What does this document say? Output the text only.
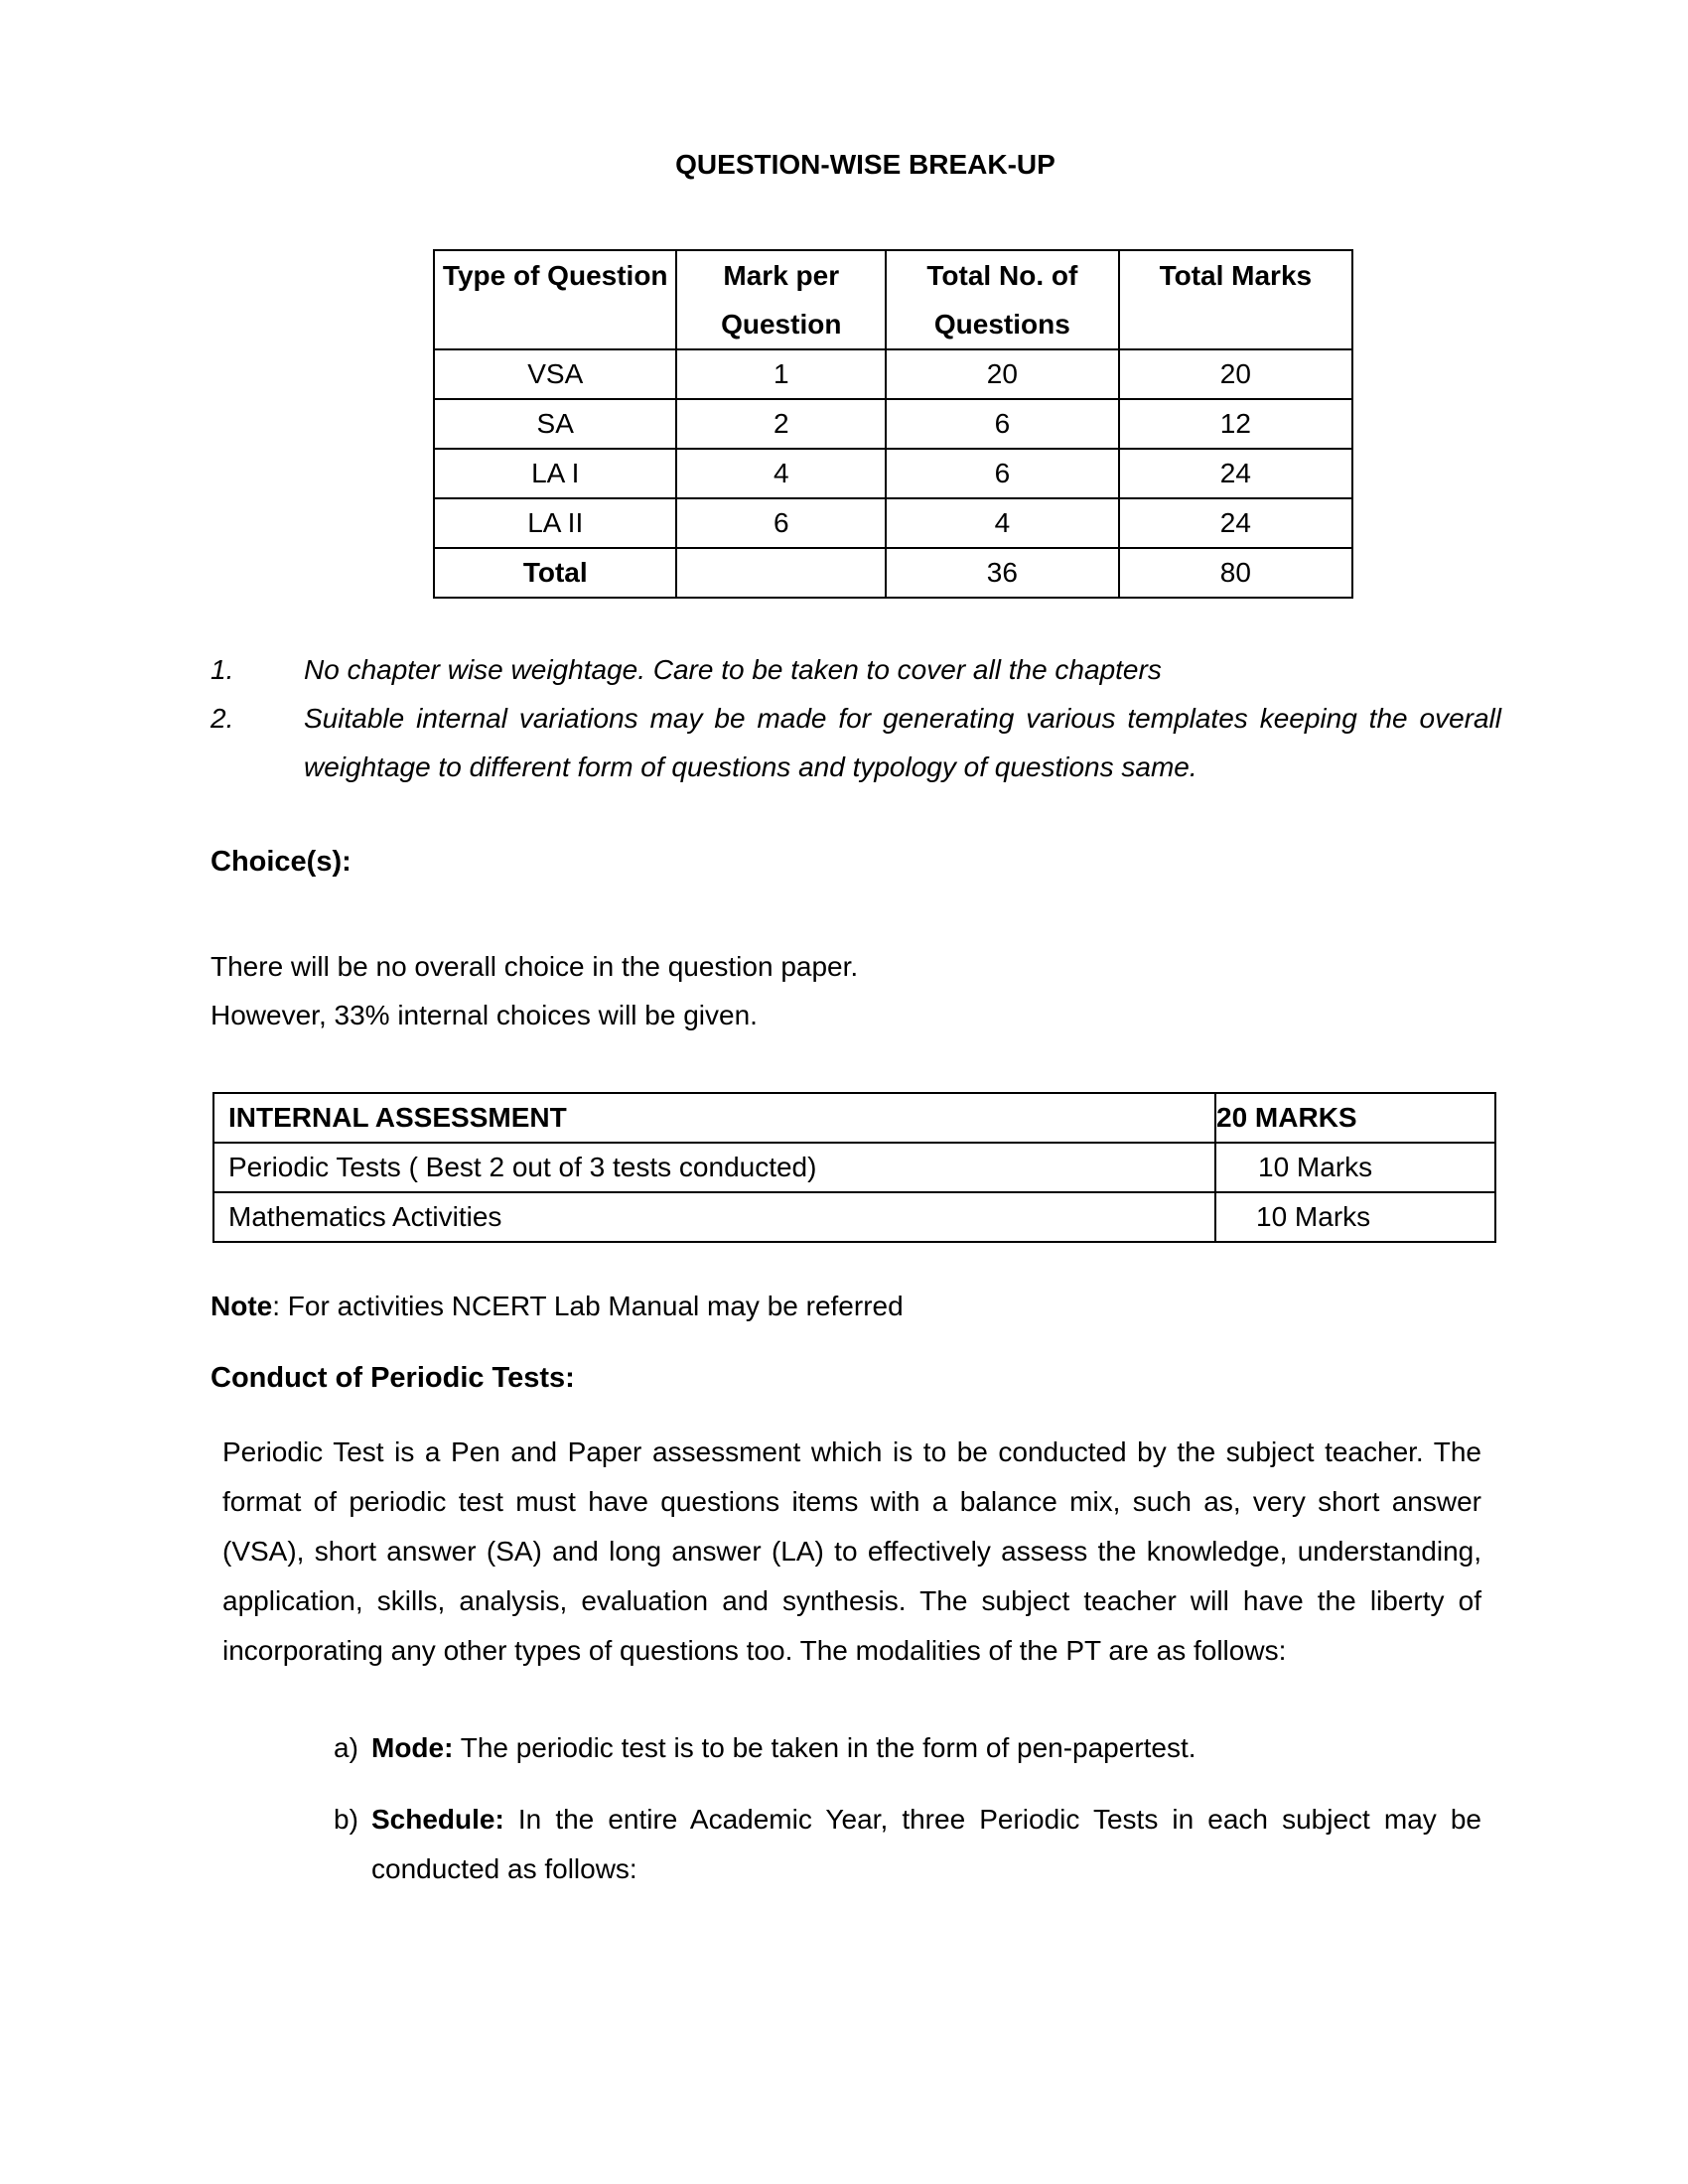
QUESTION-WISE BREAK-UP
Type of Question	Mark per Question	Total No. of Questions	Total Marks
VSA	1	20	20
SA	2	6	12
LA I	4	6	24
LA II	6	4	24
Total		36	80
1.	No chapter wise weightage. Care to be taken to cover all the chapters
2.	Suitable internal variations may be made for generating various templates keeping the overall weightage to different form of questions and typology of questions same.
Choice(s):
There will be no overall choice in the question paper.
However, 33% internal choices will be given.
INTERNAL ASSESSMENT	20 MARKS
Periodic Tests ( Best 2 out of 3 tests conducted)	10 Marks
Mathematics Activities	10 Marks
Note: For activities NCERT Lab Manual may be referred
Conduct of Periodic Tests:
Periodic Test is a Pen and Paper assessment which is to be conducted by the subject teacher. The format of periodic test must have questions items with a balance mix, such as, very short answer (VSA), short answer (SA) and long answer (LA) to effectively assess the knowledge, understanding, application, skills, analysis, evaluation and synthesis. The subject teacher will have the liberty of incorporating any other types of questions too. The modalities of the PT are as follows:
a) Mode: The periodic test is to be taken in the form of pen-papertest.
b) Schedule: In the entire Academic Year, three Periodic Tests in each subject may be conducted as follows:
